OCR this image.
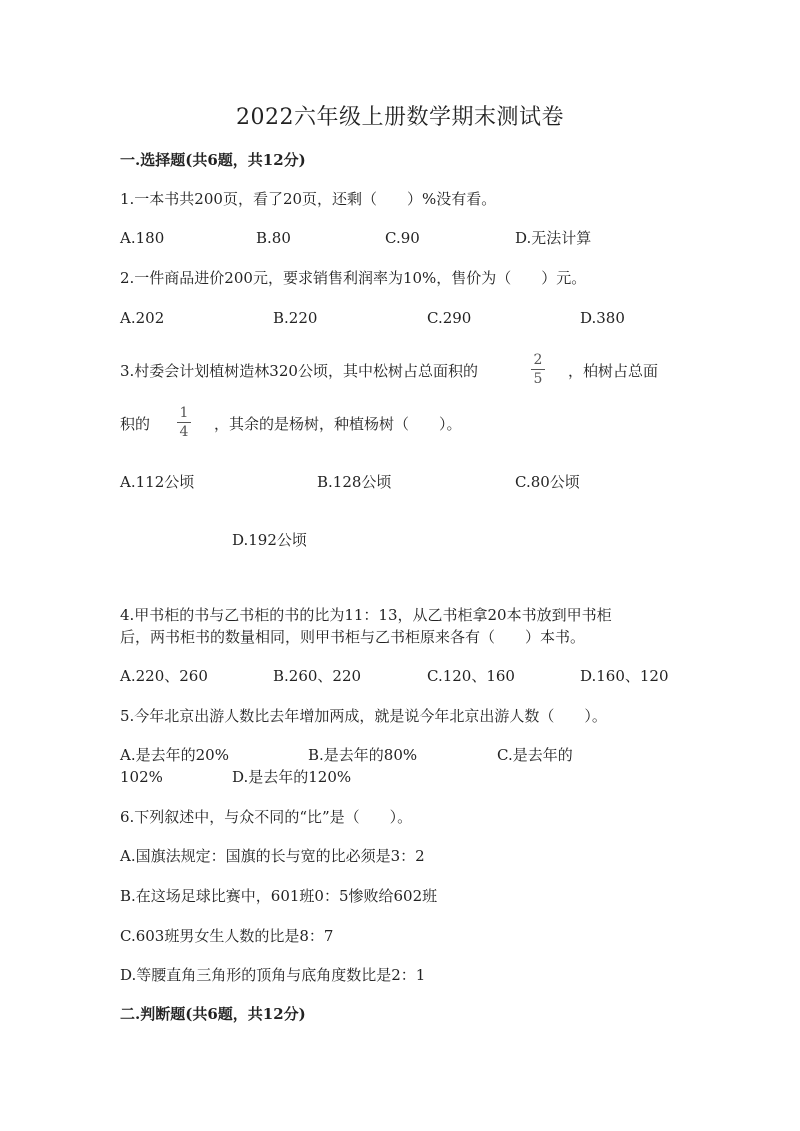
2022六年级上册数学期末测试卷
一.选择题(共6题，共12分)
1.一本书共200页，看了20页，还剩（　　）%没有看。
A.180	B.80	C.90	D.无法计算
2.一件商品进价200元，要求销售利润率为10%，售价为（　　）元。
A.202	B.220	C.290	D.380
3.村委会计划植树造林320公顷，其中松树占总面积的
2
5	，柏树占总面
积的
1
4	，其余的是杨树，种植杨树（　　）。
A.112公顷	B.128公顷	C.80公顷
D.192公顷
4.甲书柜的书与乙书柜的书的比为11：13，从乙书柜拿20本书放到甲书柜
后，两书柜书的数量相同，则甲书柜与乙书柜原来各有（　　）本书。
A.220、260	B.260、220	C.120、160	D.160、120
5.今年北京出游人数比去年增加两成，就是说今年北京出游人数（　　）。
A.是去年的20%	B.是去年的80%	C.是去年的
102%	D.是去年的120%
6.下列叙述中，与众不同的“比”是（　　）。
A.国旗法规定：国旗的长与宽的比必须是3：2
B.在这场足球比赛中，601班0：5惨败给602班
C.603班男女生人数的比是8：7
D.等腰直角三角形的顶角与底角度数比是2：1
二.判断题(共6题，共12分)
